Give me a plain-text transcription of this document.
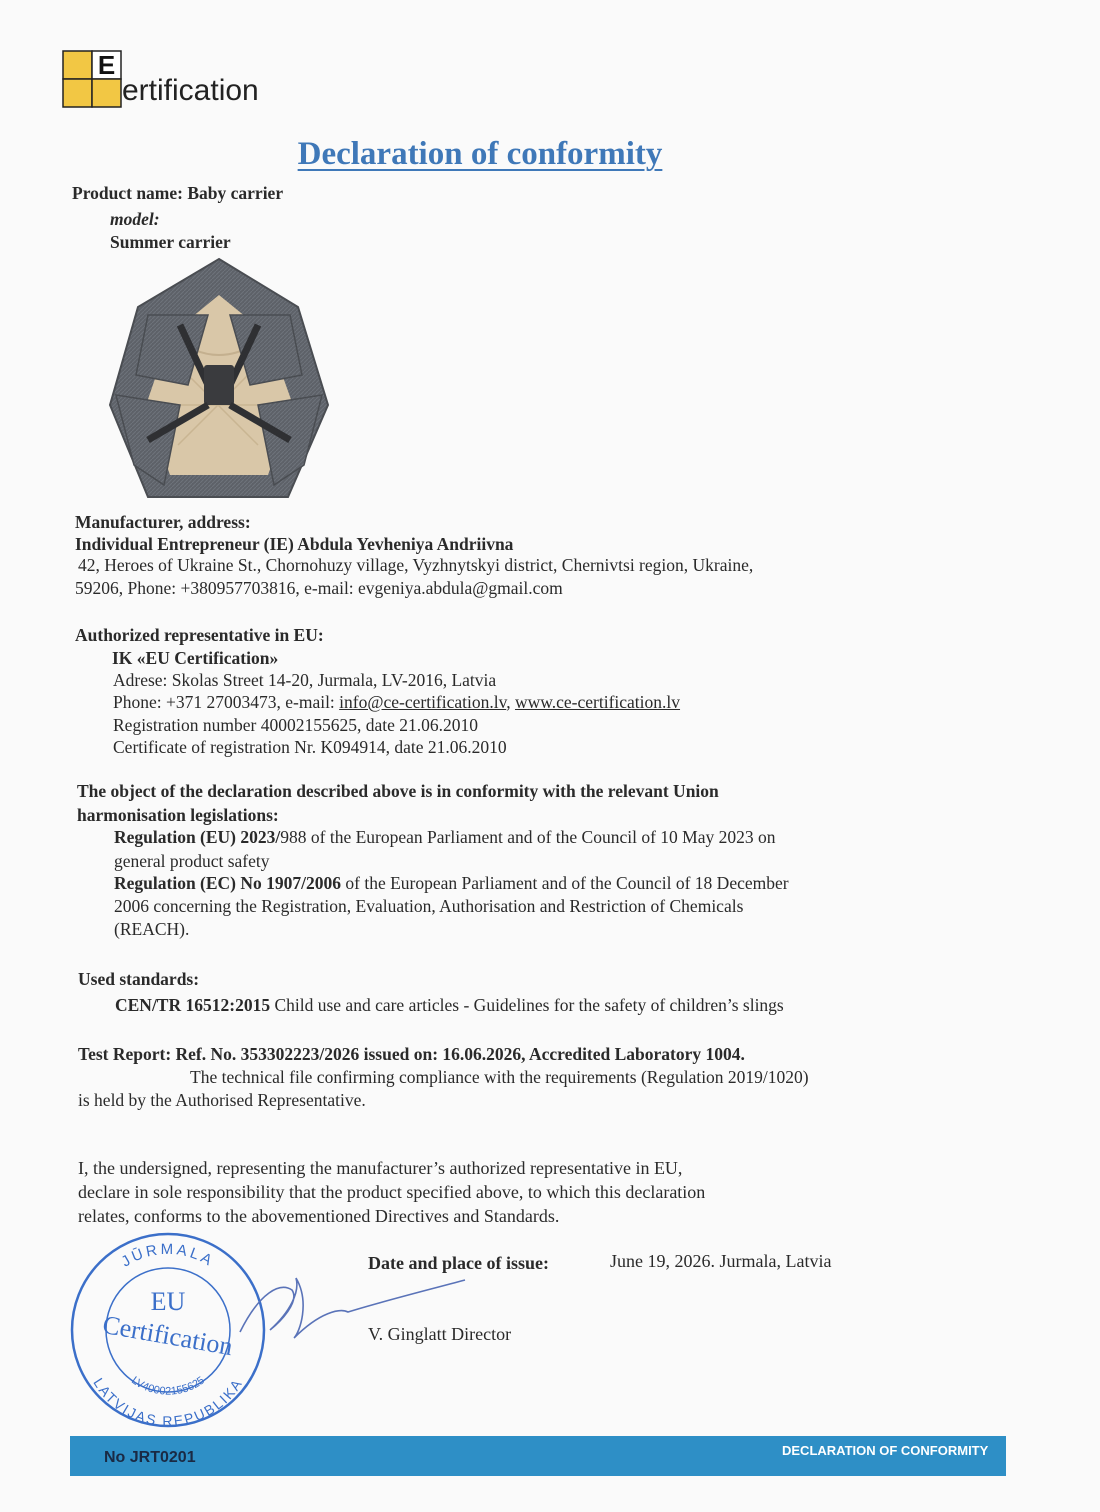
E
ertification
Declaration of conformity
Product name: Baby carrier
model:
Summer carrier
Manufacturer, address:
Individual Entrepreneur (IE) Abdula Yevheniya Andriivna
42, Heroes of Ukraine St., Chornohuzy village, Vyzhnytskyi district, Chernivtsi region, Ukraine,
59206, Phone: +380957703816, e-mail: evgeniya.abdula@gmail.com
Authorized representative in EU:
IK «EU Certification»
Adrese: Skolas Street 14-20, Jurmala, LV-2016, Latvia
Phone: +371 27003473, e-mail: info@ce-certification.lv, www.ce-certification.lv
Registration number 40002155625, date 21.06.2010
Certificate of registration Nr. K094914, date 21.06.2010
The object of the declaration described above is in conformity with the relevant Union
harmonisation legislations:
Regulation (EU) 2023/988 of the European Parliament and of the Council of 10 May 2023 on
general product safety
Regulation (EC) No 1907/2006 of the European Parliament and of the Council of 18 December
2006 concerning the Registration, Evaluation, Authorisation and Restriction of Chemicals
(REACH).
Used standards:
CEN/TR 16512:2015 Child use and care articles - Guidelines for the safety of children’s slings
Test Report: Ref. No. 353302223/2026 issued on: 16.06.2026, Accredited Laboratory 1004.
The technical file confirming compliance with the requirements (Regulation 2019/1020)
is held by the Authorised Representative.
I, the undersigned, representing the manufacturer’s authorized representative in EU,
declare in sole responsibility that the product specified above, to which this declaration
relates, conforms to the abovementioned Directives and Standards.
Date and place of issue:	June 19, 2026. Jurmala, Latvia
V. Ginglatt Director
JŪRMALA
LATVIJAS REPUBLIKA
LV40002155625
EU
Certification
No JRT0201	DECLARATION OF CONFORMITY
